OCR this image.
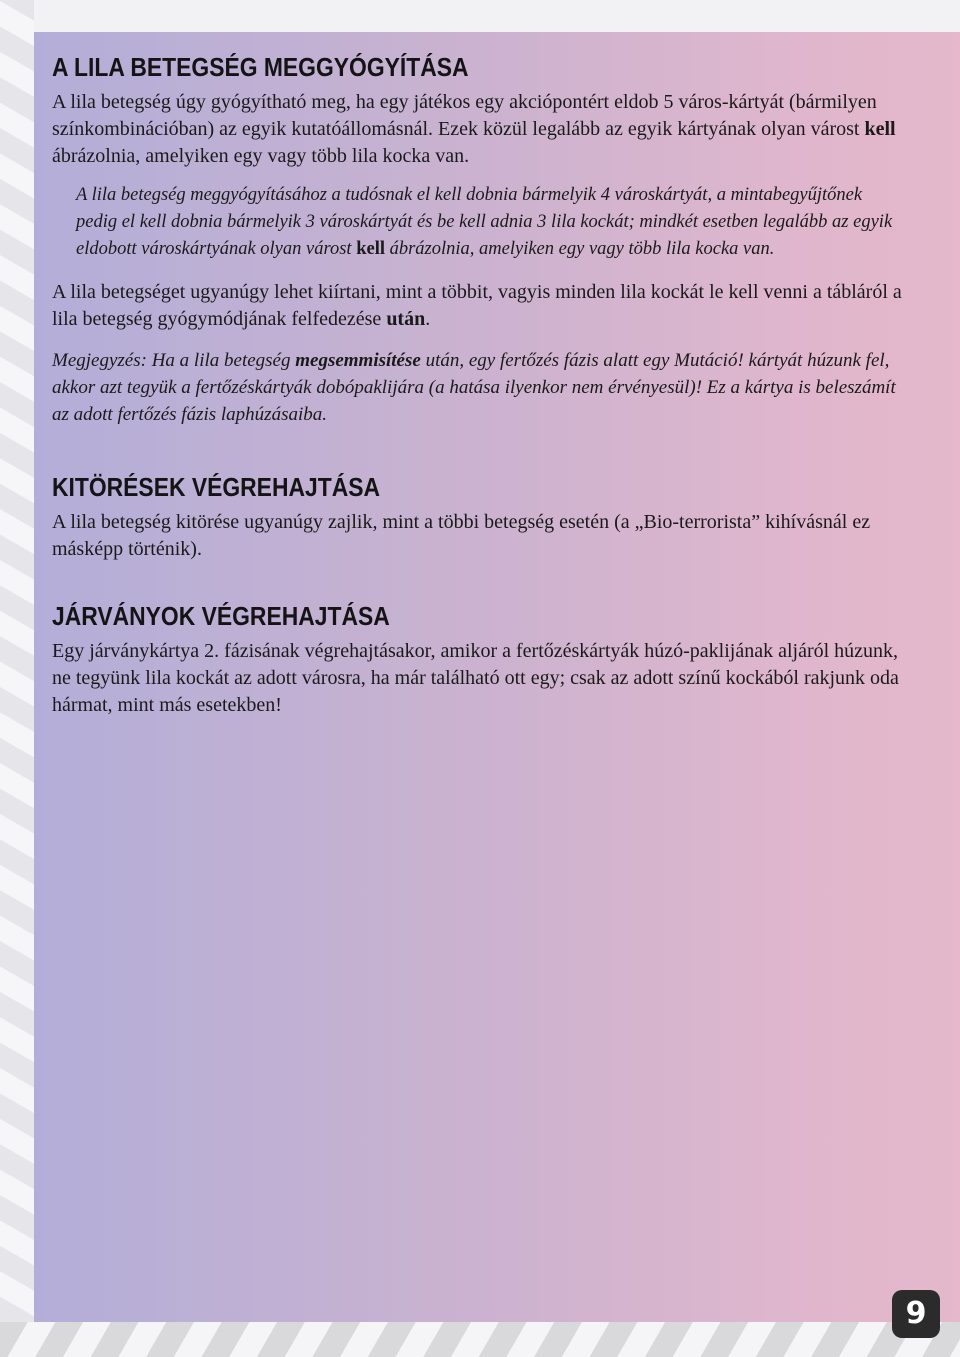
A LILA BETEGSÉG MEGGYÓGYÍTÁSA

A lila betegség úgy gyógyítható meg, ha egy játékos egy akciópontért eldob 5 város-kártyát (bármilyen színkombinációban) az egyik kutatóállomásnál. Ezek közül legalább az egyik kártyának olyan várost kell ábrázolnia, amelyiken egy vagy több lila kocka van.

A lila betegség meggyógyításához a tudósnak el kell dobnia bármelyik 4 városkártyát, a mintabegyűjtőnek pedig el kell dobnia bármelyik 3 városkártyát és be kell adnia 3 lila kockát; mindkét esetben legalább az egyik eldobott városkártyának olyan várost kell ábrázolnia, amelyiken egy vagy több lila kocka van.

A lila betegséget ugyanúgy lehet kiírtani, mint a többit, vagyis minden lila kockát le kell venni a tábláról a lila betegség gyógymódjának felfedezése után.

Megjegyzés: Ha a lila betegség megsemmisítése után, egy fertőzés fázis alatt egy Mutáció! kártyát húzunk fel, akkor azt tegyük a fertőzéskártyák dobópaklijára (a hatása ilyenkor nem érvényesül)! Ez a kártya is beleszámít az adott fertőzés fázis laphúzásaiba.

KITÖRÉSEK VÉGREHAJTÁSA

A lila betegség kitörése ugyanúgy zajlik, mint a többi betegség esetén (a „Bio-terrorista” kihívásnál ez másképp történik).

JÁRVÁNYOK VÉGREHAJTÁSA

Egy járványkártya 2. fázisának végrehajtásakor, amikor a fertőzéskártyák húzó-paklijának aljáról húzunk, ne tegyünk lila kockát az adott városra, ha már található ott egy; csak az adott színű kockából rakjunk oda hármat, mint más esetekben!

9
